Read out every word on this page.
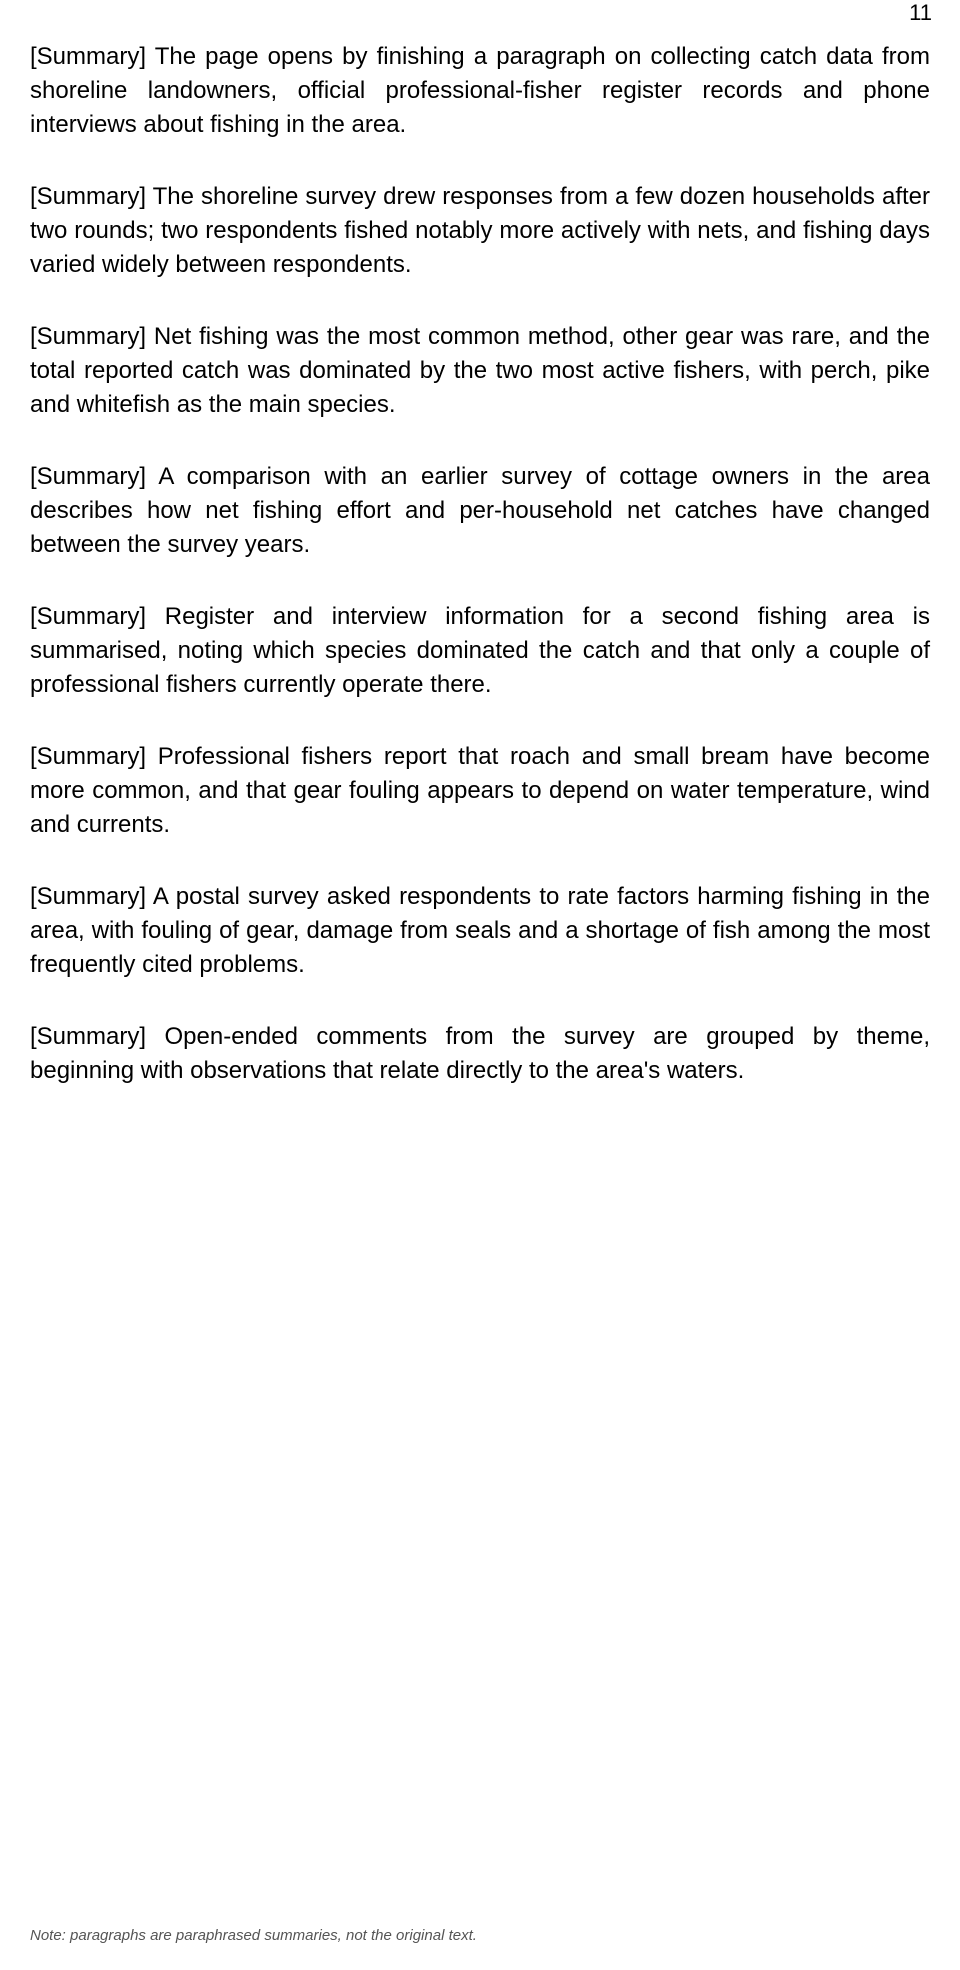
11

[Summary] The page opens by finishing a paragraph on collecting catch data from shoreline landowners, official professional-fisher register records and phone interviews about fishing in the area.

[Summary] The shoreline survey drew responses from a few dozen households after two rounds; two respondents fished notably more actively with nets, and fishing days varied widely between respondents.

[Summary] Net fishing was the most common method, other gear was rare, and the total reported catch was dominated by the two most active fishers, with perch, pike and whitefish as the main species.

[Summary] A comparison with an earlier survey of cottage owners in the area describes how net fishing effort and per-household net catches have changed between the survey years.

[Summary] Register and interview information for a second fishing area is summarised, noting which species dominated the catch and that only a couple of professional fishers currently operate there.

[Summary] Professional fishers report that roach and small bream have become more common, and that gear fouling appears to depend on water temperature, wind and currents.

[Summary] A postal survey asked respondents to rate factors harming fishing in the area, with fouling of gear, damage from seals and a shortage of fish among the most frequently cited problems.

[Summary] Open-ended comments from the survey are grouped by theme, beginning with observations that relate directly to the area's waters.

Note: paragraphs are paraphrased summaries, not the original text.
